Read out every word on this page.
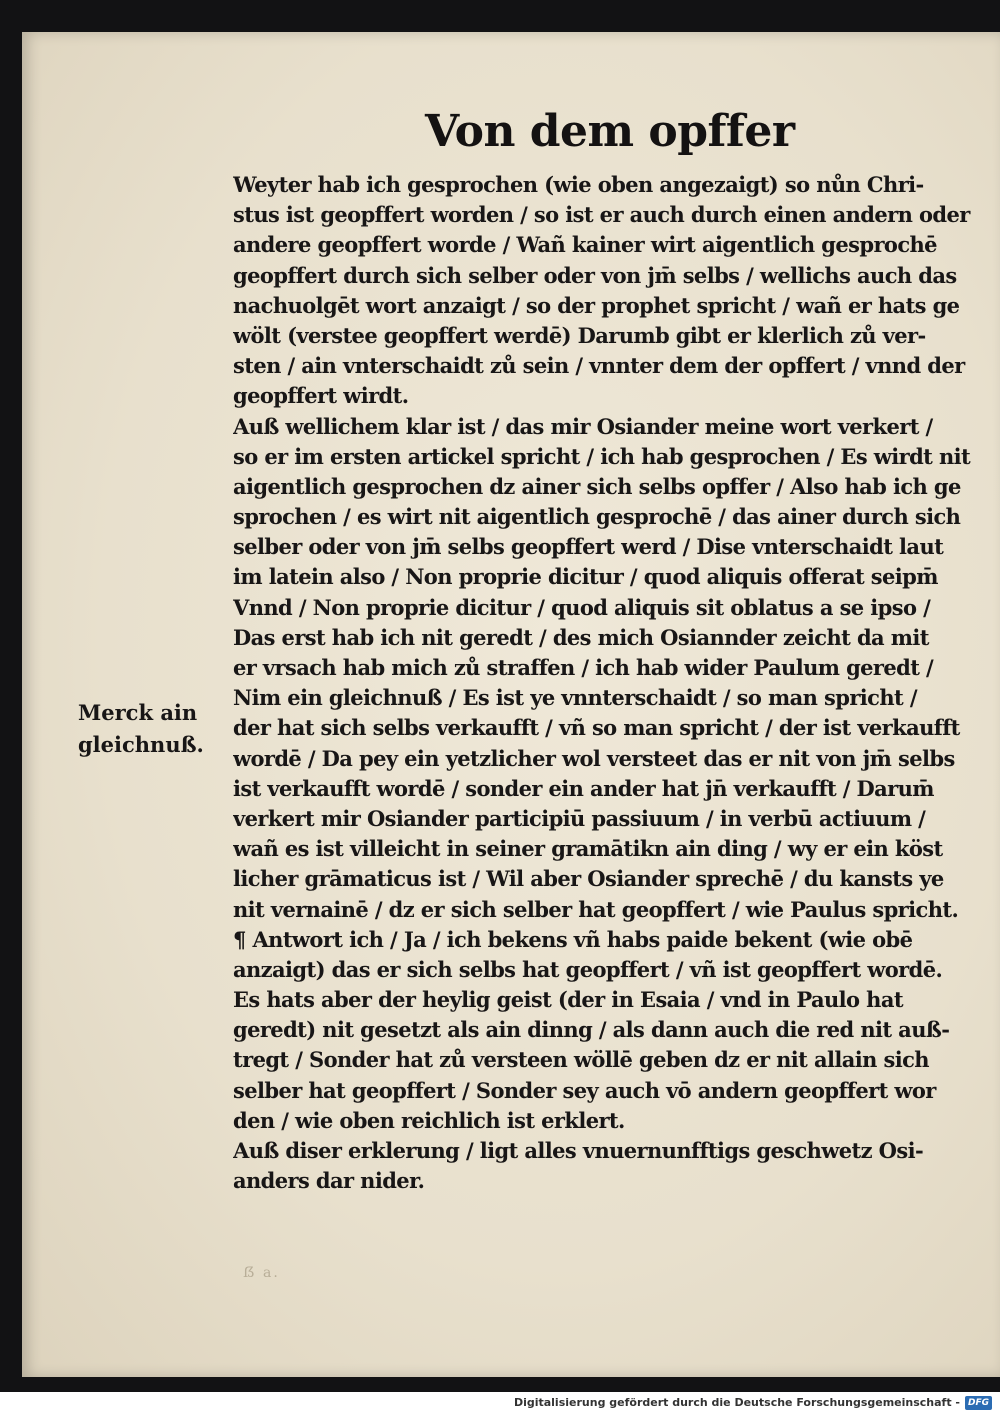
Von dem opffer
Weyter hab ich gesprochen (wie oben angezaigt) so nůn Chri-
stus ist geopffert worden / so ist er auch durch einen andern oder
andere geopffert worde / Wañ kainer wirt aigentlich gesprochē
geopffert durch sich selber oder von jm̄ selbs / wellichs auch das
nachuolgēt wort anzaigt / so der prophet spricht / wañ er hats ge
wölt (verstee geopffert werdē) Darumb gibt er klerlich zů ver-
sten / ain vnterschaidt zů sein / vnnter dem der opffert / vnnd der
geopffert wirdt.
Auß wellichem klar ist / das mir Osiander meine wort verkert /
so er im ersten artickel spricht / ich hab gesprochen / Es wirdt nit
aigentlich gesprochen dz ainer sich selbs opffer / Also hab ich ge
sprochen / es wirt nit aigentlich gesprochē / das ainer durch sich
selber oder von jm̄ selbs geopffert werd / Dise vnterschaidt laut
im latein also / Non proprie dicitur / quod aliquis offerat seipm̄
Vnnd / Non proprie dicitur / quod aliquis sit oblatus a se ipso /
Das erst hab ich nit geredt / des mich Osiannder zeicht da mit
er vrsach hab mich zů straffen / ich hab wider Paulum geredt /
Nim ein gleichnuß / Es ist ye vnnterschaidt / so man spricht /
der hat sich selbs verkaufft / vñ so man spricht / der ist verkaufft
wordē / Da pey ein yetzlicher wol versteet das er nit von jm̄ selbs
ist verkaufft wordē / sonder ein ander hat jn̄ verkaufft / Darum̄
verkert mir Osiander participiū passiuum / in verbū actiuum /
wañ es ist villeicht in seiner gramātikn ain ding / wy er ein köst
licher grāmaticus ist / Wil aber Osiander sprechē / du kansts ye
nit vernainē / dz er sich selber hat geopffert / wie Paulus spricht.
¶ Antwort ich / Ja / ich bekens vñ habs paide bekent (wie obē
anzaigt) das er sich selbs hat geopffert / vñ ist geopffert wordē.
Es hats aber der heylig geist (der in Esaia / vnd in Paulo hat
geredt) nit gesetzt als ain dinng / als dann auch die red nit auß-
tregt / Sonder hat zů versteen wöllē geben dz er nit allain sich
selber hat geopffert / Sonder sey auch vō andern geopffert wor
den / wie oben reichlich ist erklert.
Auß diser erklerung / ligt alles vnuernunfftigs geschwetz Osi-
anders dar nider.
Merck ain
gleichnuß.
ẞ a.
Digitalisierung gefördert durch die Deutsche Forschungsgemeinschaft - DFG
